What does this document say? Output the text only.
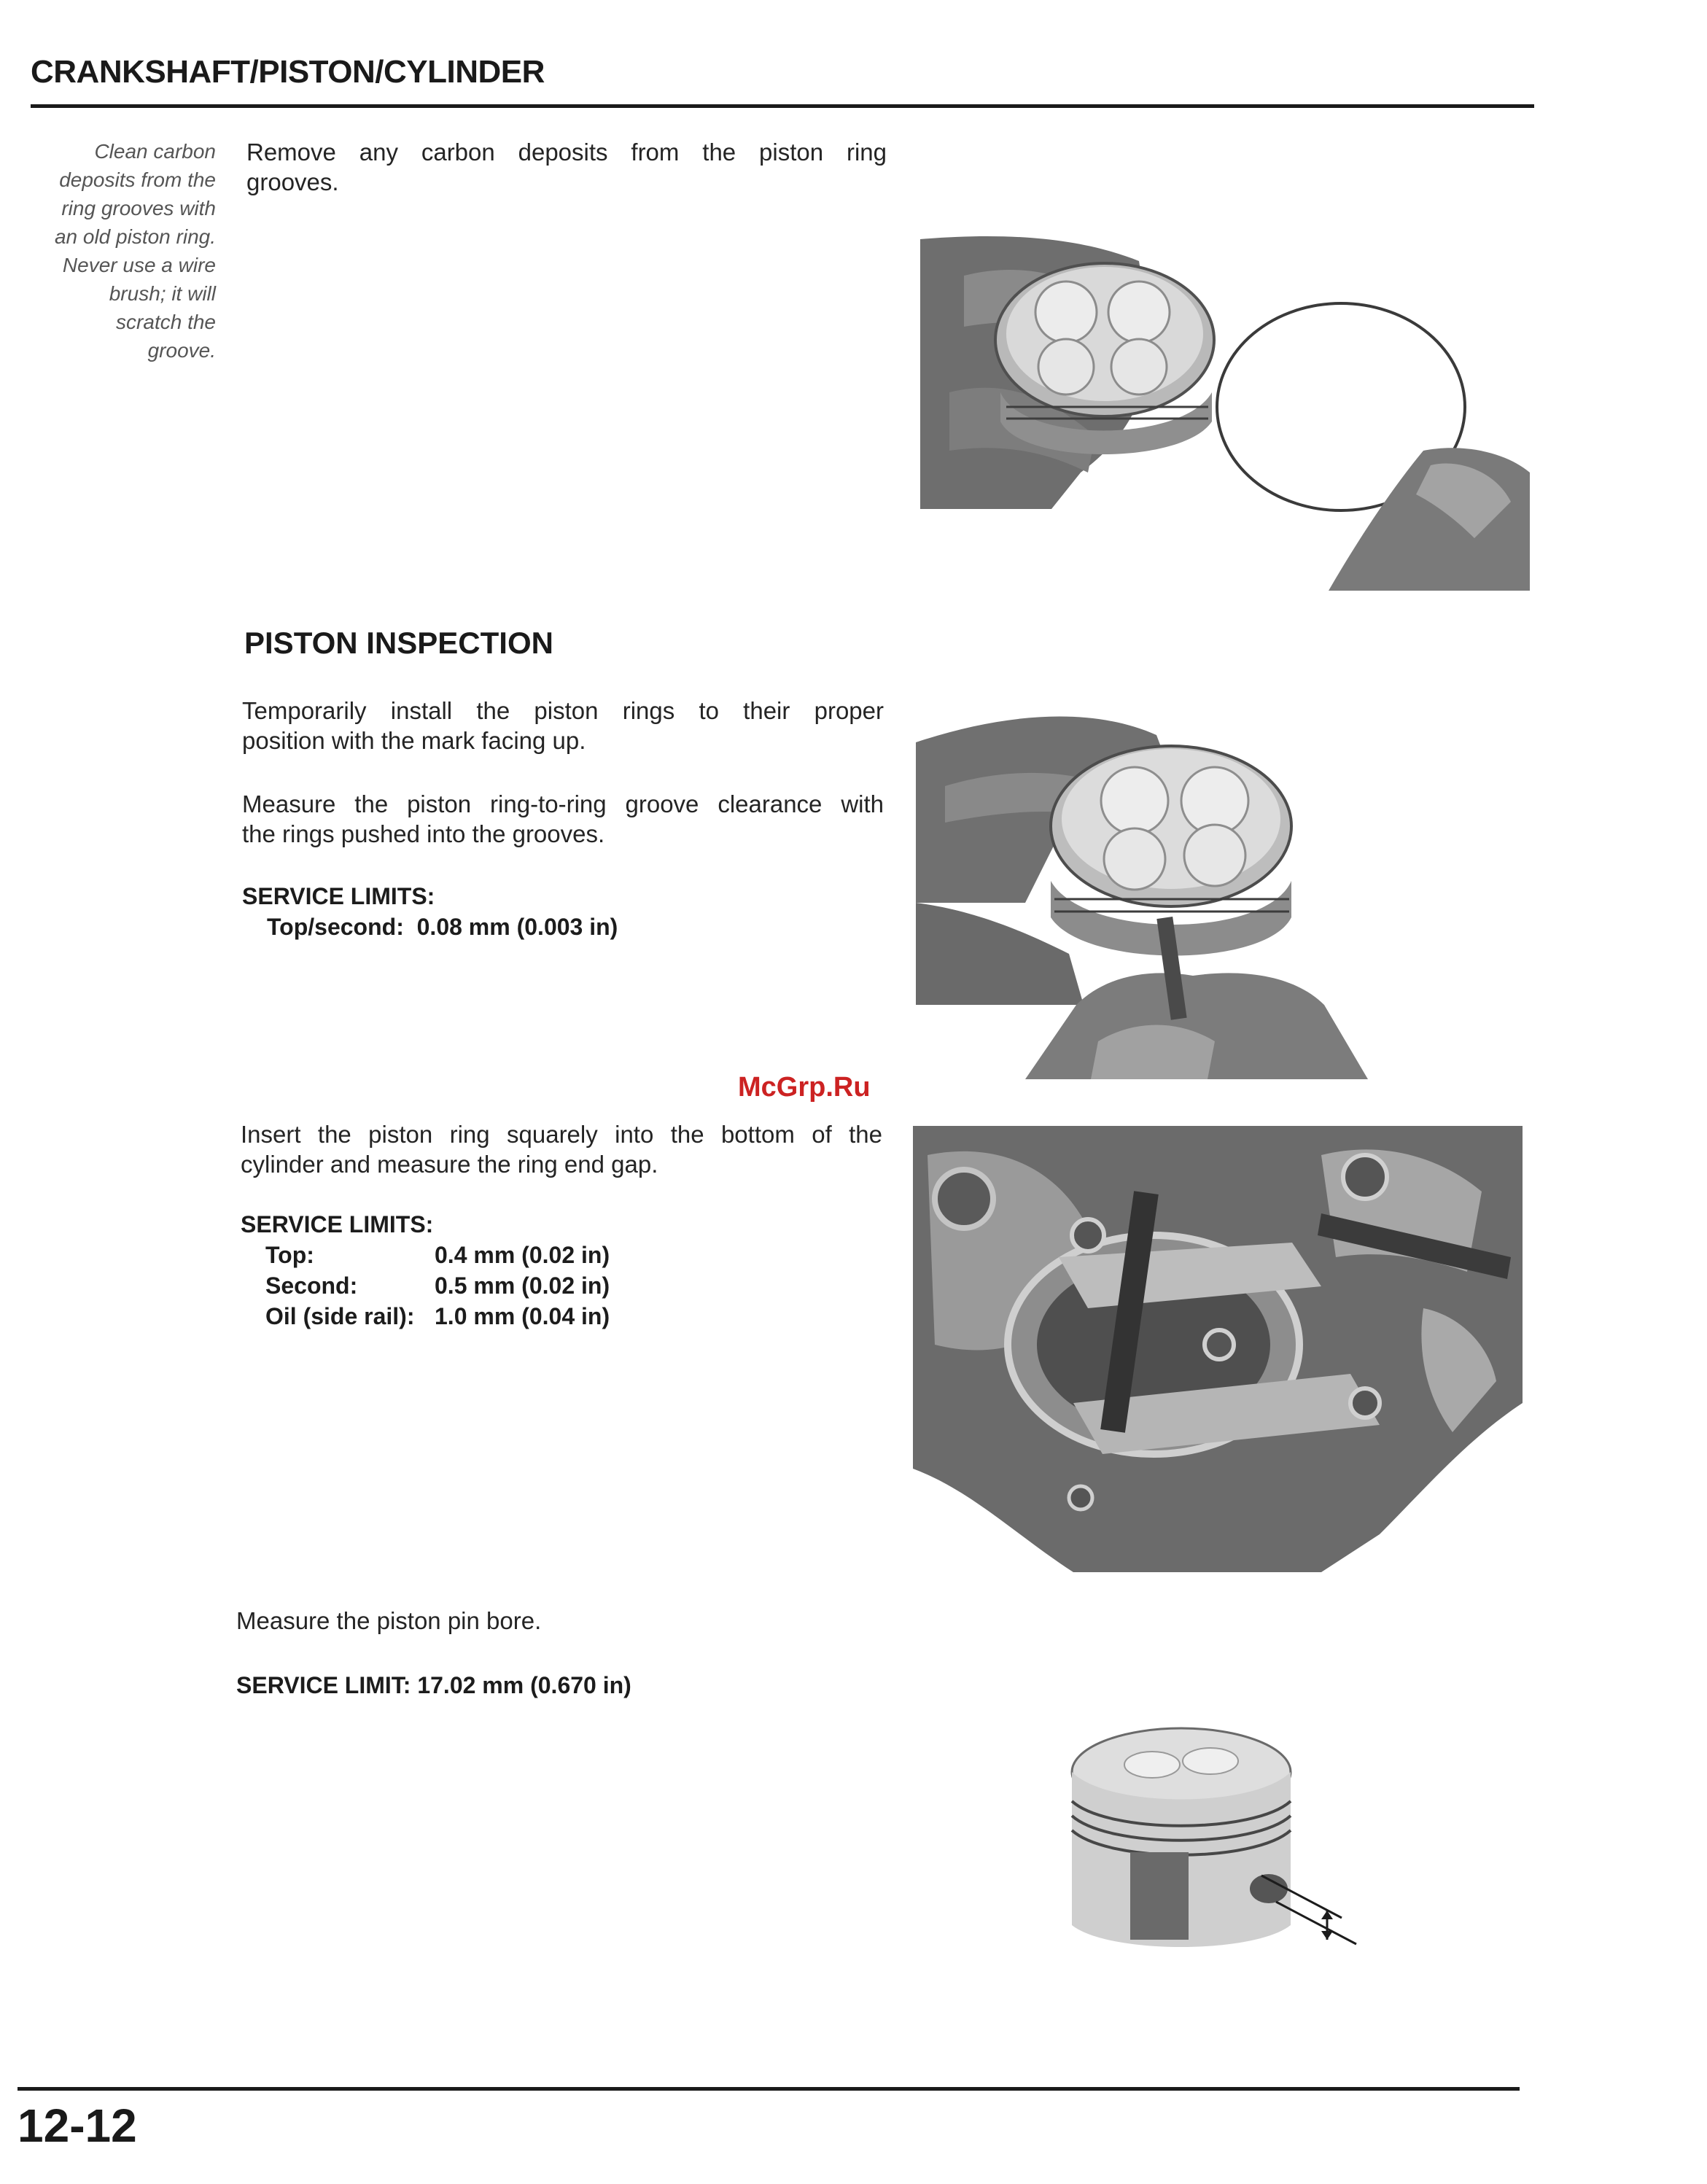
CRANKSHAFT/PISTON/CYLINDER
Clean carbon
deposits from the
ring grooves with
an old piston ring.
Never use a wire
brush; it will
scratch the
groove.

Remove any carbon deposits from the piston ring

grooves.

PISTON INSPECTION

Temporarily install the piston rings to their proper

position with the mark facing up.

Measure the piston ring-to-ring groove clearance with

the rings pushed into the grooves.

SERVICE LIMITS:
Top/second: 0.08 mm (0.003 in)
McGrp.Ru

Insert the piston ring squarely into the bottom of the

cylinder and measure the ring end gap.

SERVICE LIMITS:
Top:	0.4 mm (0.02 in)
Second:	0.5 mm (0.02 in)
Oil (side rail): 1.0 mm (0.04 in)

Measure the piston pin bore.

SERVICE LIMIT: 17.02 mm (0.670 in)
12-12
